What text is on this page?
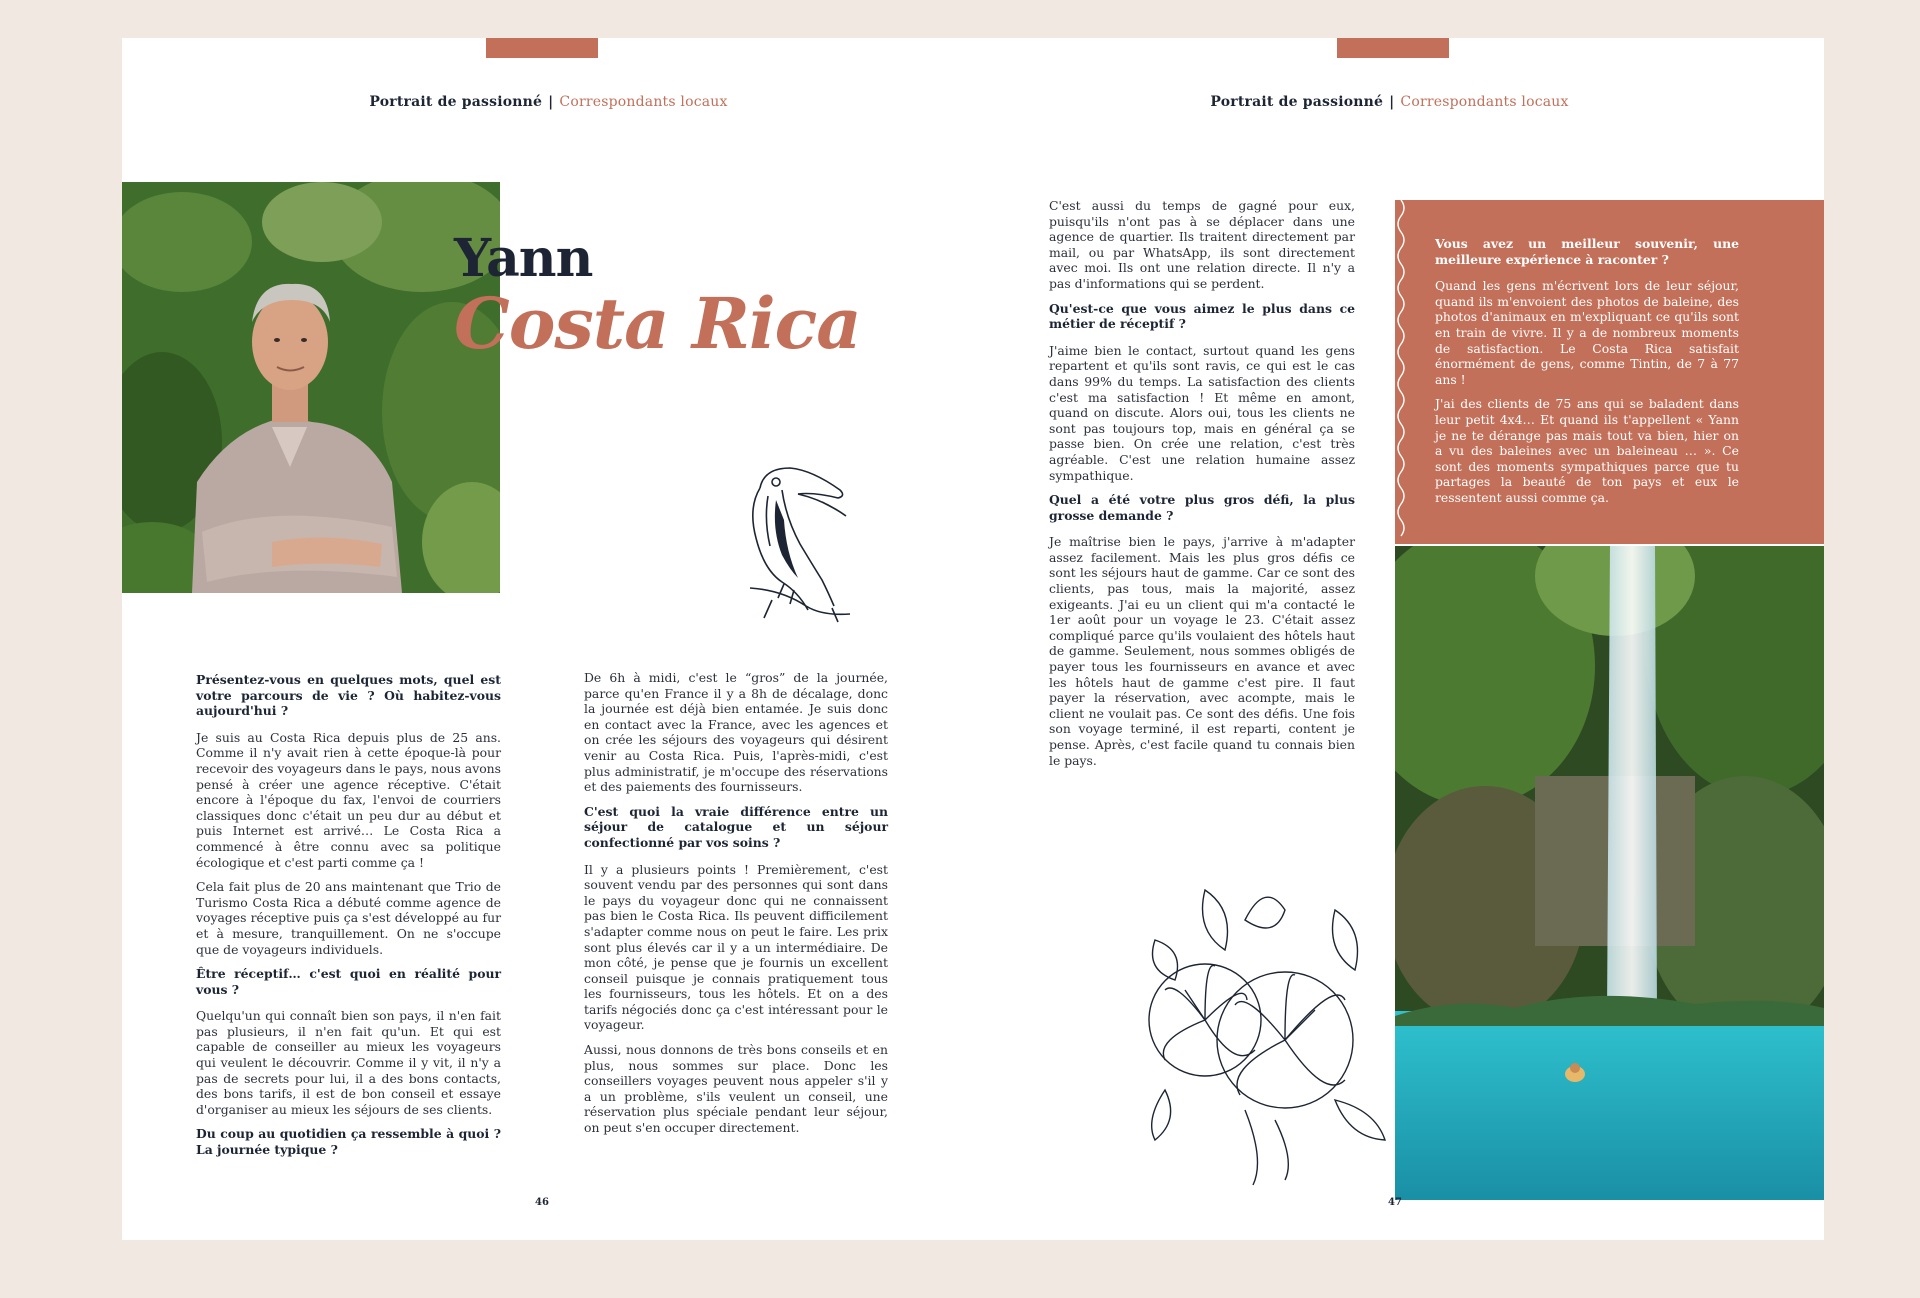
Portrait de passionné | Correspondants locaux
Yann
Costa Rica

Présentez-vous en quelques mots, quel est votre parcours de vie ? Où habitez-vous aujourd'hui ?

Je suis au Costa Rica depuis plus de 25 ans. Comme il n'y avait rien à cette époque-là pour recevoir des voyageurs dans le pays, nous avons pensé à créer une agence réceptive. C'était encore à l'époque du fax, l'envoi de courriers classiques donc c'était un peu dur au début et puis Internet est arrivé… Le Costa Rica a commencé à être connu avec sa politique écologique et c'est parti comme ça !

Cela fait plus de 20 ans maintenant que Trio de Turismo Costa Rica a débuté comme agence de voyages réceptive puis ça s'est développé au fur et à mesure, tranquillement. On ne s'occupe que de voyageurs individuels.

Être réceptif… c'est quoi en réalité pour vous ?

Quelqu'un qui connaît bien son pays, il n'en fait pas plusieurs, il n'en fait qu'un. Et qui est capable de conseiller au mieux les voyageurs qui veulent le découvrir. Comme il y vit, il n'y a pas de secrets pour lui, il a des bons contacts, des bons tarifs, il est de bon conseil et essaye d'organiser au mieux les séjours de ses clients.

Du coup au quotidien ça ressemble à quoi ? La journée typique ?

De 6h à midi, c'est le “gros” de la journée, parce qu'en France il y a 8h de décalage, donc la journée est déjà bien entamée. Je suis donc en contact avec la France, avec les agences et on crée les séjours des voyageurs qui désirent venir au Costa Rica. Puis, l'après-midi, c'est plus administratif, je m'occupe des réservations et des paiements des fournisseurs.

C'est quoi la vraie différence entre un séjour de catalogue et un séjour confectionné par vos soins ?

Il y a plusieurs points ! Premièrement, c'est souvent vendu par des personnes qui sont dans le pays du voyageur donc qui ne connaissent pas bien le Costa Rica. Ils peuvent difficilement s'adapter comme nous on peut le faire. Les prix sont plus élevés car il y a un intermédiaire. De mon côté, je pense que je fournis un excellent conseil puisque je connais pratiquement tous les fournisseurs, tous les hôtels. Et on a des tarifs négociés donc ça c'est intéressant pour le voyageur.

Aussi, nous donnons de très bons conseils et en plus, nous sommes sur place. Donc les conseillers voyages peuvent nous appeler s'il y a un problème, s'ils veulent un conseil, une réservation plus spéciale pendant leur séjour, on peut s'en occuper directement.

46
Portrait de passionné | Correspondants locaux

C'est aussi du temps de gagné pour eux, puisqu'ils n'ont pas à se déplacer dans une agence de quartier. Ils traitent directement par mail, ou par WhatsApp, ils sont directement avec moi. Ils ont une relation directe. Il n'y a pas d'informations qui se perdent.

Qu'est-ce que vous aimez le plus dans ce métier de réceptif ?

J'aime bien le contact, surtout quand les gens repartent et qu'ils sont ravis, ce qui est le cas dans 99% du temps. La satisfaction des clients c'est ma satisfaction ! Et même en amont, quand on discute. Alors oui, tous les clients ne sont pas toujours top, mais en général ça se passe bien. On crée une relation, c'est très agréable. C'est une relation humaine assez sympathique.

Quel a été votre plus gros défi, la plus grosse demande ?

Je maîtrise bien le pays, j'arrive à m'adapter assez facilement. Mais les plus gros défis ce sont les séjours haut de gamme. Car ce sont des clients, pas tous, mais la majorité, assez exigeants. J'ai eu un client qui m'a contacté le 1er août pour un voyage le 23. C'était assez compliqué parce qu'ils voulaient des hôtels haut de gamme. Seulement, nous sommes obligés de payer tous les fournisseurs en avance et avec les hôtels haut de gamme c'est pire. Il faut payer la réservation, avec acompte, mais le client ne voulait pas. Ce sont des défis. Une fois son voyage terminé, il est reparti, content je pense. Après, c'est facile quand tu connais bien le pays.

Vous avez un meilleur souvenir, une meilleure expérience à raconter ?

Quand les gens m'écrivent lors de leur séjour, quand ils m'envoient des photos de baleine, des photos d'animaux en m'expliquant ce qu'ils sont en train de vivre. Il y a de nombreux moments de satisfaction. Le Costa Rica satisfait énormément de gens, comme Tintin, de 7 à 77 ans !

J'ai des clients de 75 ans qui se baladent dans leur petit 4x4… Et quand ils t'appellent « Yann je ne te dérange pas mais tout va bien, hier on a vu des baleines avec un baleineau … ». Ce sont des moments sympathiques parce que tu partages la beauté de ton pays et eux le ressentent aussi comme ça.

47
